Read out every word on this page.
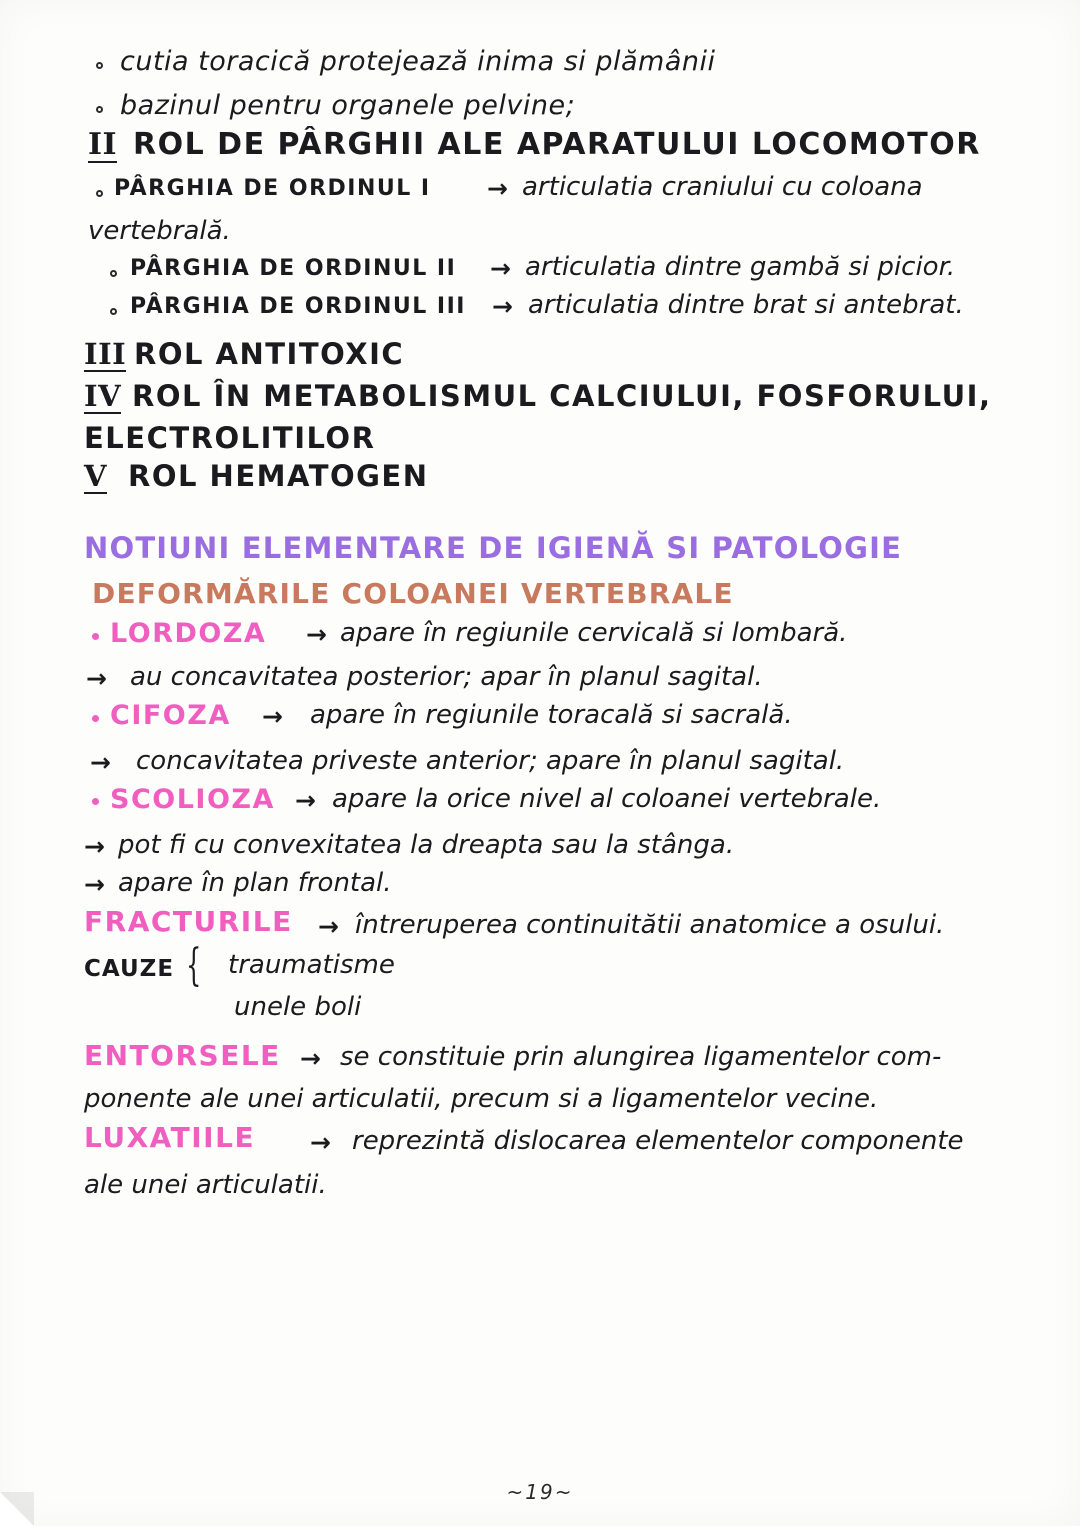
cutia toracică protejează inima si plămânii
bazinul pentru organele pelvine;
II ROL DE PÂRGHII ALE APARATULUI LOCOMOTOR
PÂRGHIA DE ORDINUL I → articulatia craniului cu coloana
vertebrală.
PÂRGHIA DE ORDINUL II → articulatia dintre gambă si picior.
PÂRGHIA DE ORDINUL III → articulatia dintre brat si antebrat.
III ROL ANTITOXIC
IV ROL ÎN METABOLISMUL CALCIULUI, FOSFORULUI,
ELECTROLITILOR
V ROL HEMATOGEN
NOTIUNI ELEMENTARE DE IGIENĂ SI PATOLOGIE
DEFORMĂRILE COLOANEI VERTEBRALE
LORDOZA → apare în regiunile cervicală si lombară.
→ au concavitatea posterior; apar în planul sagital.
CIFOZA → apare în regiunile toracală si sacrală.
→ concavitatea priveste anterior; apare în planul sagital.
SCOLIOZA → apare la orice nivel al coloanei vertebrale.
→ pot fi cu convexitatea la dreapta sau la stânga.
→ apare în plan frontal.
FRACTURILE → întreruperea continuitătii anatomice a osului.
CAUZE { traumatisme
unele boli
ENTORSELE → se constituie prin alungirea ligamentelor com-
ponente ale unei articulatii, precum si a ligamentelor vecine.
LUXATIILE → reprezintă dislocarea elementelor componente
ale unei articulatii.
~19~
